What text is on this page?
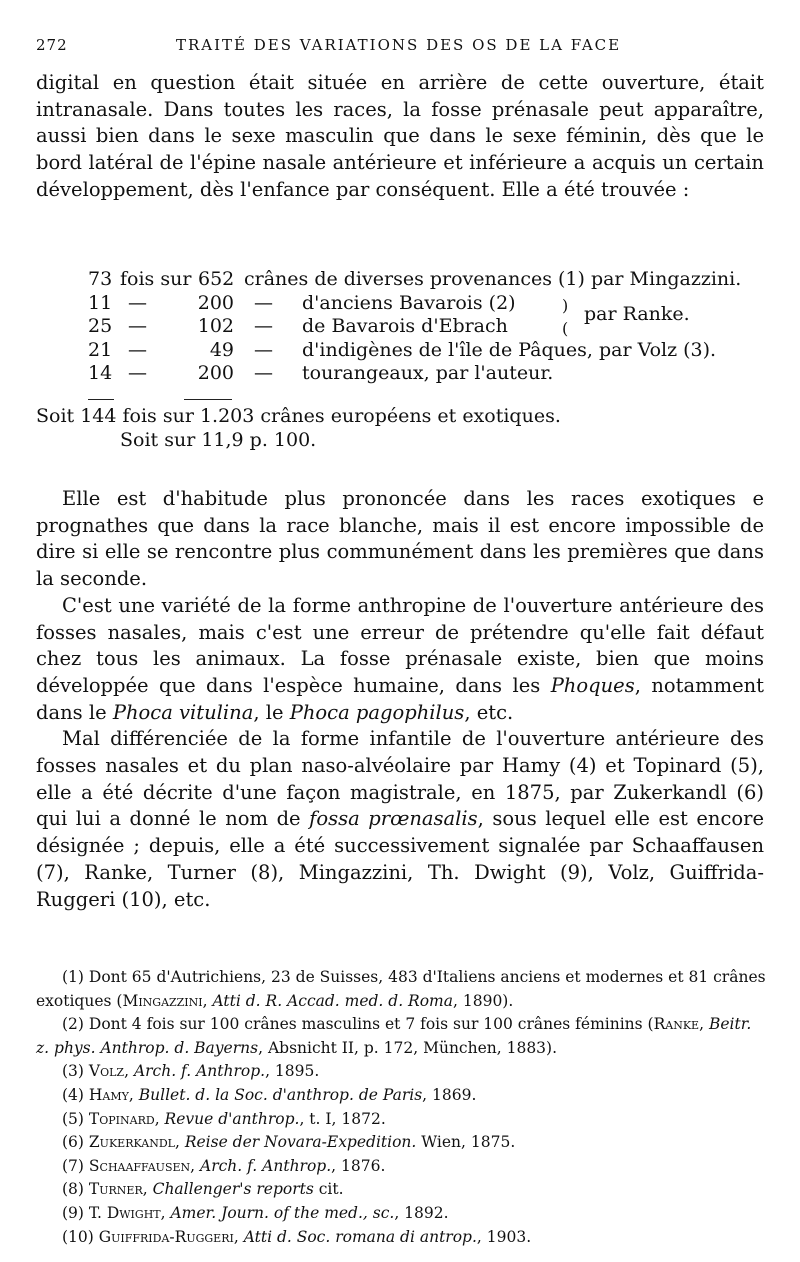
272	TRAITÉ DES VARIATIONS DES OS DE LA FACE

digital en question était située en arrière de cette ouverture, était intranasale. Dans toutes les races, la fosse prénasale peut apparaître, aussi bien dans le sexe masculin que dans le sexe féminin, dès que le bord latéral de l'épine nasale antérieure et inférieure a acquis un certain développement, dès l'enfance par conséquent. Elle a été trouvée :

73 fois sur 652 crânes de diverses provenances (1) par Mingazzini.
11 —	200 — d'anciens Bavarois (2)
25 —	102 — de Bavarois d'Ebrach
21 —	49 — d'indigènes de l'île de Pâques, par Volz (3).
14 —	200 — tourangeaux, par l'auteur.
)
(
par Ranke.
Soit 144 fois sur 1.203 crânes européens et exotiques.
Soit sur 11,9 p. 100.

Elle est d'habitude plus prononcée dans les races exotiques e prognathes que dans la race blanche, mais il est encore impossible de dire si elle se rencontre plus communément dans les premières que dans la seconde.

C'est une variété de la forme anthropine de l'ouverture antérieure des fosses nasales, mais c'est une erreur de prétendre qu'elle fait défaut chez tous les animaux. La fosse prénasale existe, bien que moins développée que dans l'espèce humaine, dans les Phoques, notamment dans le Phoca vitulina, le Phoca pagophilus, etc.

Mal différenciée de la forme infantile de l'ouverture antérieure des fosses nasales et du plan naso-alvéolaire par Hamy (4) et Topinard (5), elle a été décrite d'une façon magistrale, en 1875, par Zukerkandl (6) qui lui a donné le nom de fossa prœnasalis, sous lequel elle est encore désignée ; depuis, elle a été successivement signalée par Schaaffausen (7), Ranke, Turner (8), Mingazzini, Th. Dwight (9), Volz, Guiffrida-Ruggeri (10), etc.

(1) Dont 65 d'Autrichiens, 23 de Suisses, 483 d'Italiens anciens et modernes et 81 crânes exotiques (Mingazzini, Atti d. R. Accad. med. d. Roma, 1890).

(2) Dont 4 fois sur 100 crânes masculins et 7 fois sur 100 crânes féminins (Ranke, Beitr. z. phys. Anthrop. d. Bayerns, Absnicht II, p. 172, München, 1883).

(3) Volz, Arch. f. Anthrop., 1895.

(4) Hamy, Bullet. d. la Soc. d'anthrop. de Paris, 1869.

(5) Topinard, Revue d'anthrop., t. I, 1872.

(6) Zukerkandl, Reise der Novara-Expedition. Wien, 1875.

(7) Schaaffausen, Arch. f. Anthrop., 1876.

(8) Turner, Challenger's reports cit.

(9) T. Dwight, Amer. Journ. of the med., sc., 1892.

(10) Guiffrida-Ruggeri, Atti d. Soc. romana di antrop., 1903.
